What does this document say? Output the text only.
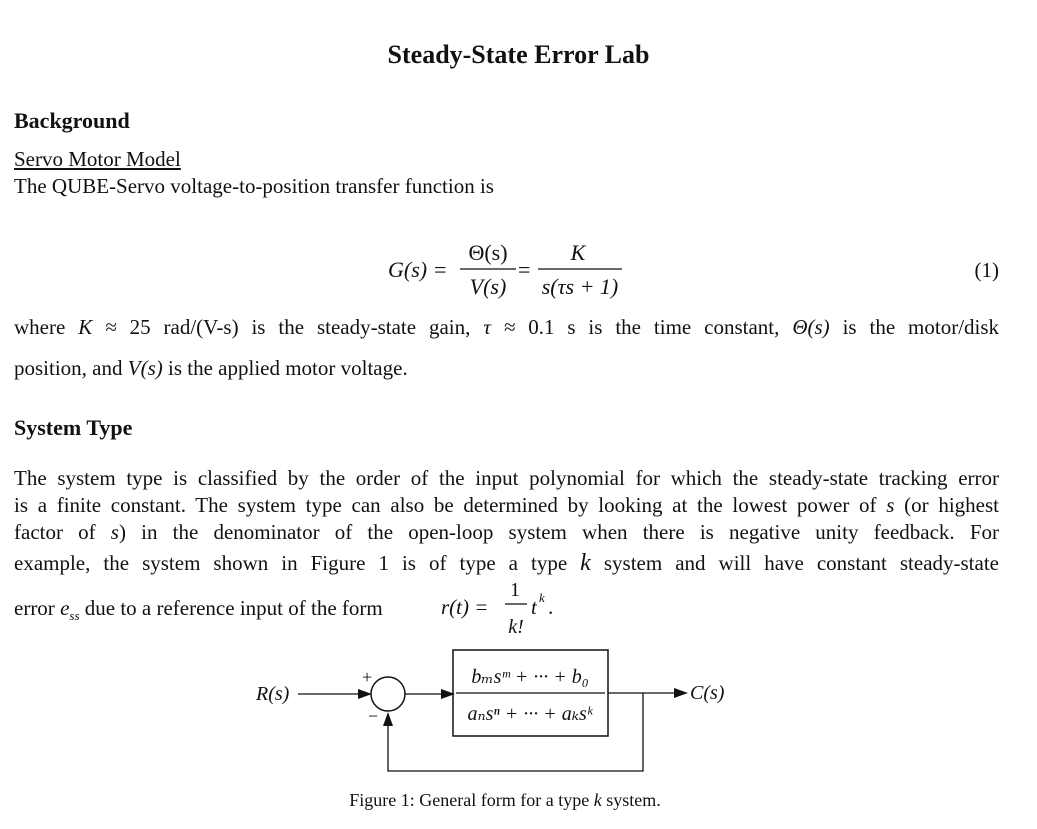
Steady-State Error Lab
Background
Servo Motor Model
The QUBE-Servo voltage-to-position transfer function is
G(s) =
Θ(s)
V(s)
=
K
s(τs + 1)
(1)
where K ≈ 25 rad/(V-s) is the steady-state gain, τ ≈ 0.1 s is the time constant, Θ(s) is the motor/disk
position, and V(s) is the applied motor voltage.
System Type
The system type is classified by the order of the input polynomial for which the steady-state tracking error
is a finite constant. The system type can also be determined by looking at the lowest power of s (or highest
factor of s) in the denominator of the open-loop system when there is negative unity feedback. For
example, the system shown in Figure 1 is of type a type k system and will have constant steady-state
error $e_{ss}$ due to a reference input of the form	r(t) =
1
k!
t k .
R(s)
+
−
bₘsᵐ + ··· + b₀
aₙsⁿ + ··· + aₖsᵏ
C(s)
Figure 1: General form for a type k system.
